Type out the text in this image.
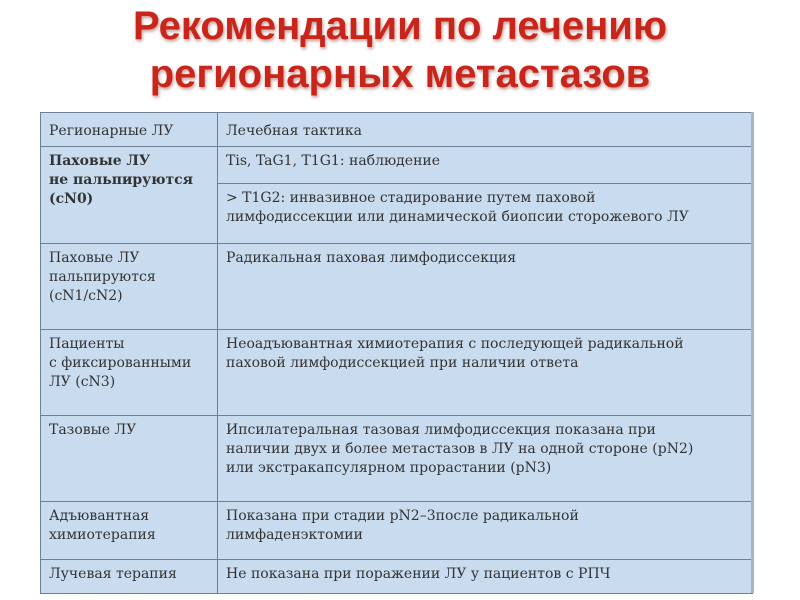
Рекомендации по лечению
регионарных метастазов
Регионарные ЛУ	Лечебная тактика

Паховые ЛУ
не пальпируются
(cN0)	Tis, TaG1, T1G1: наблюдение

	> T1G2: инвазивное стадирование путем паховой
лимфодиссекции или динамической биопсии сторожевого ЛУ

Паховые ЛУ
пальпируются
(cN1/cN2)	Радикальная паховая лимфодиссекция

Пациенты
с фиксированными
ЛУ (cN3)	Неоадъювантная химиотерапия с последующей радикальной
паховой лимфодиссекцией при наличии ответа

Тазовые ЛУ	Ипсилатеральная тазовая лимфодиссекция показана при
наличии двух и более метастазов в ЛУ на одной стороне (pN2)
или экстракапсулярном прорастании (pN3)

Адъювантная
химиотерапия	Показана при стадии pN2–3после радикальной
лимфаденэктомии

Лучевая терапия	Не показана при поражении ЛУ у пациентов с РПЧ
